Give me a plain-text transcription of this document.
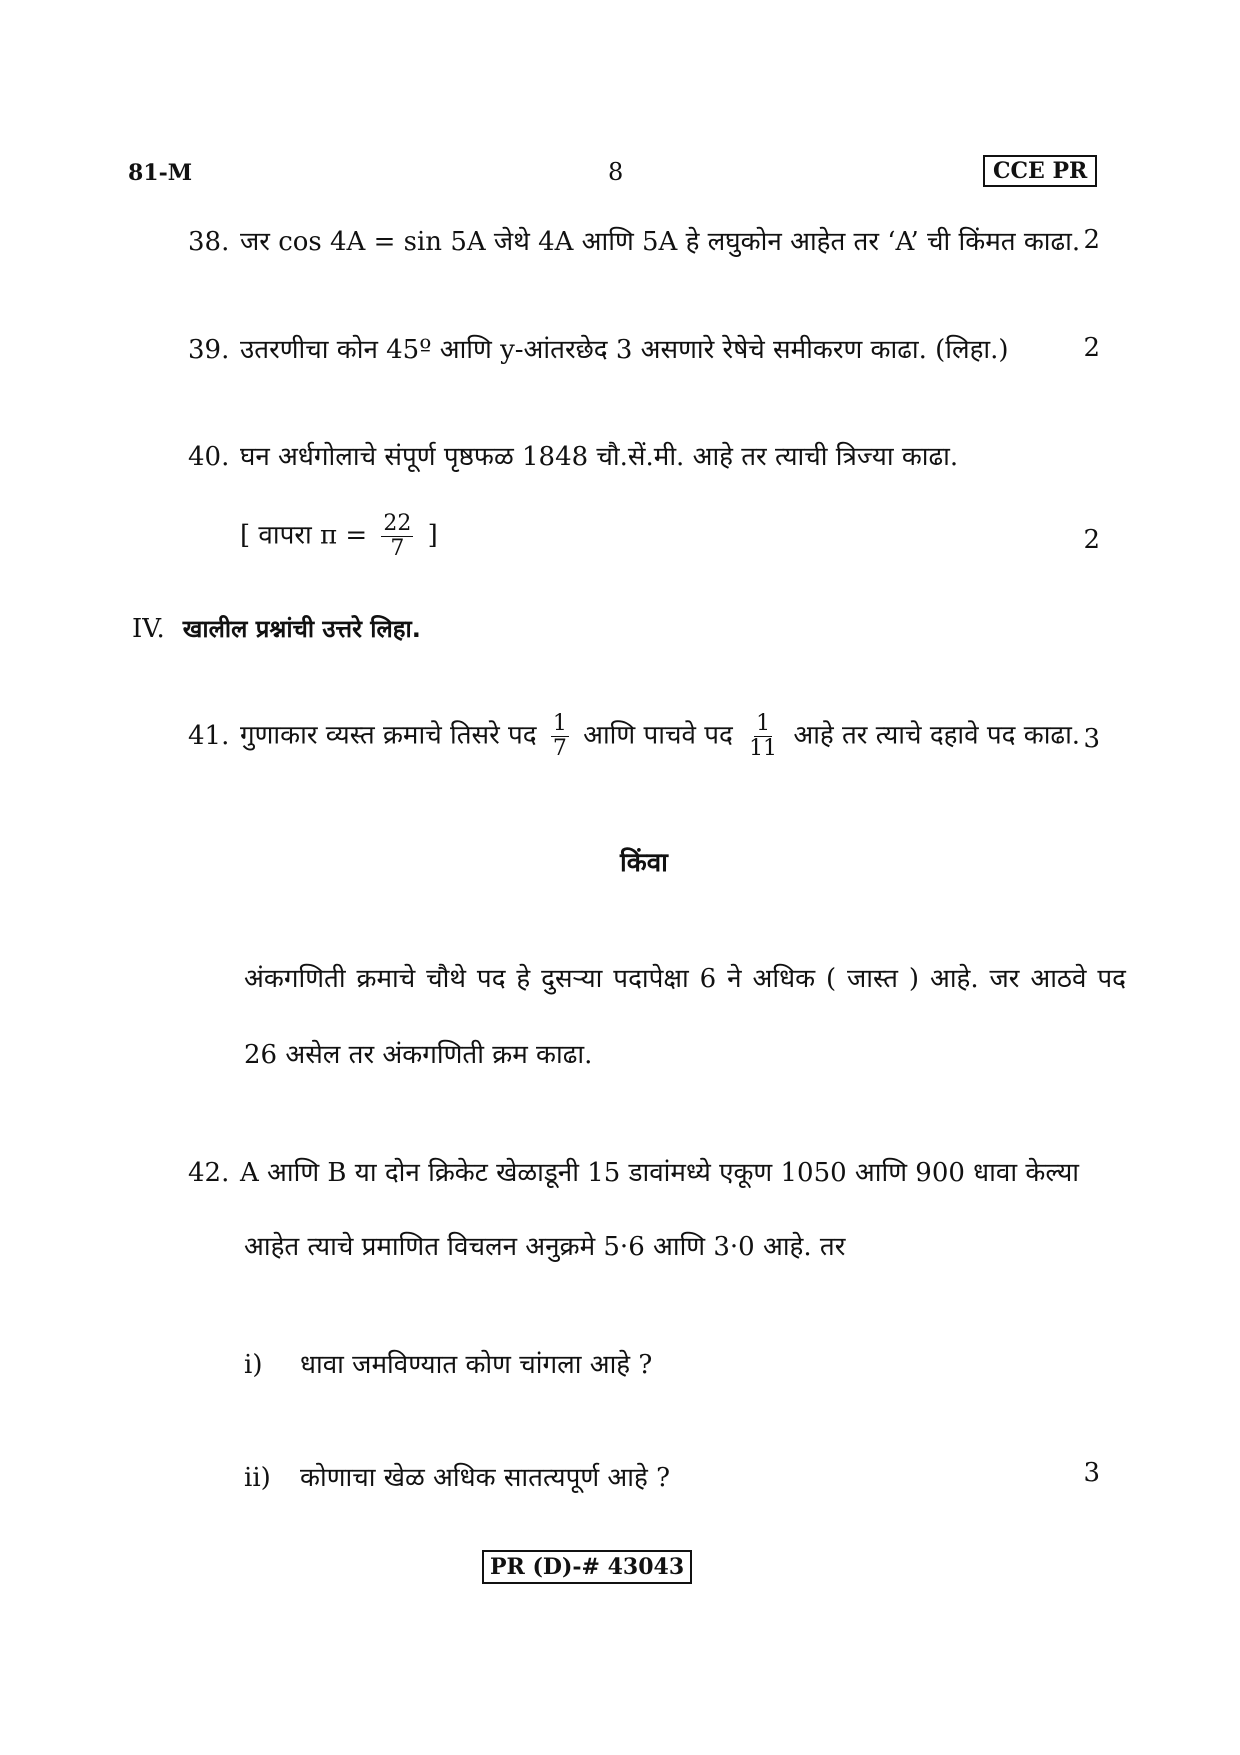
81-M	8	CCE PR
38. जर cos 4A = sin 5A जेथे 4A आणि 5A हे लघुकोन आहेत तर ‘A’ ची किंमत काढा. 2
39. उतरणीचा कोन 45º आणि y-आंतरछेद 3 असणारे रेषेचे समीकरण काढा. (लिहा.)	2
40. घन अर्धगोलाचे संपूर्ण पृष्ठफळ 1848 चौ.सें.मी. आहे तर त्याची त्रिज्या काढा.
[ वापरा $\pi = \frac{22}{7}$ ]	2
IV. खालील प्रश्नांची उत्तरे लिहा.
41. गुणाकार व्यस्त क्रमाचे तिसरे पद $\frac{1}{7}$ आणि पाचवे पद $\frac{1}{11}$ आहे तर त्याचे दहावे पद काढा. 3
किंवा
अंकगणिती क्रमाचे चौथे पद हे दुसऱ्या पदापेक्षा 6 ने अधिक ( जास्त ) आहे. जर आठवे पद
26 असेल तर अंकगणिती क्रम काढा.
42. A आणि B या दोन क्रिकेट खेळाडूनी 15 डावांमध्ये एकूण 1050 आणि 900 धावा केल्या
आहेत त्याचे प्रमाणित विचलन अनुक्रमे 5·6 आणि 3·0 आहे. तर
i) धावा जमविण्यात कोण चांगला आहे ?
ii) कोणाचा खेळ अधिक सातत्यपूर्ण आहे ?	3
PR (D)-# 43043
